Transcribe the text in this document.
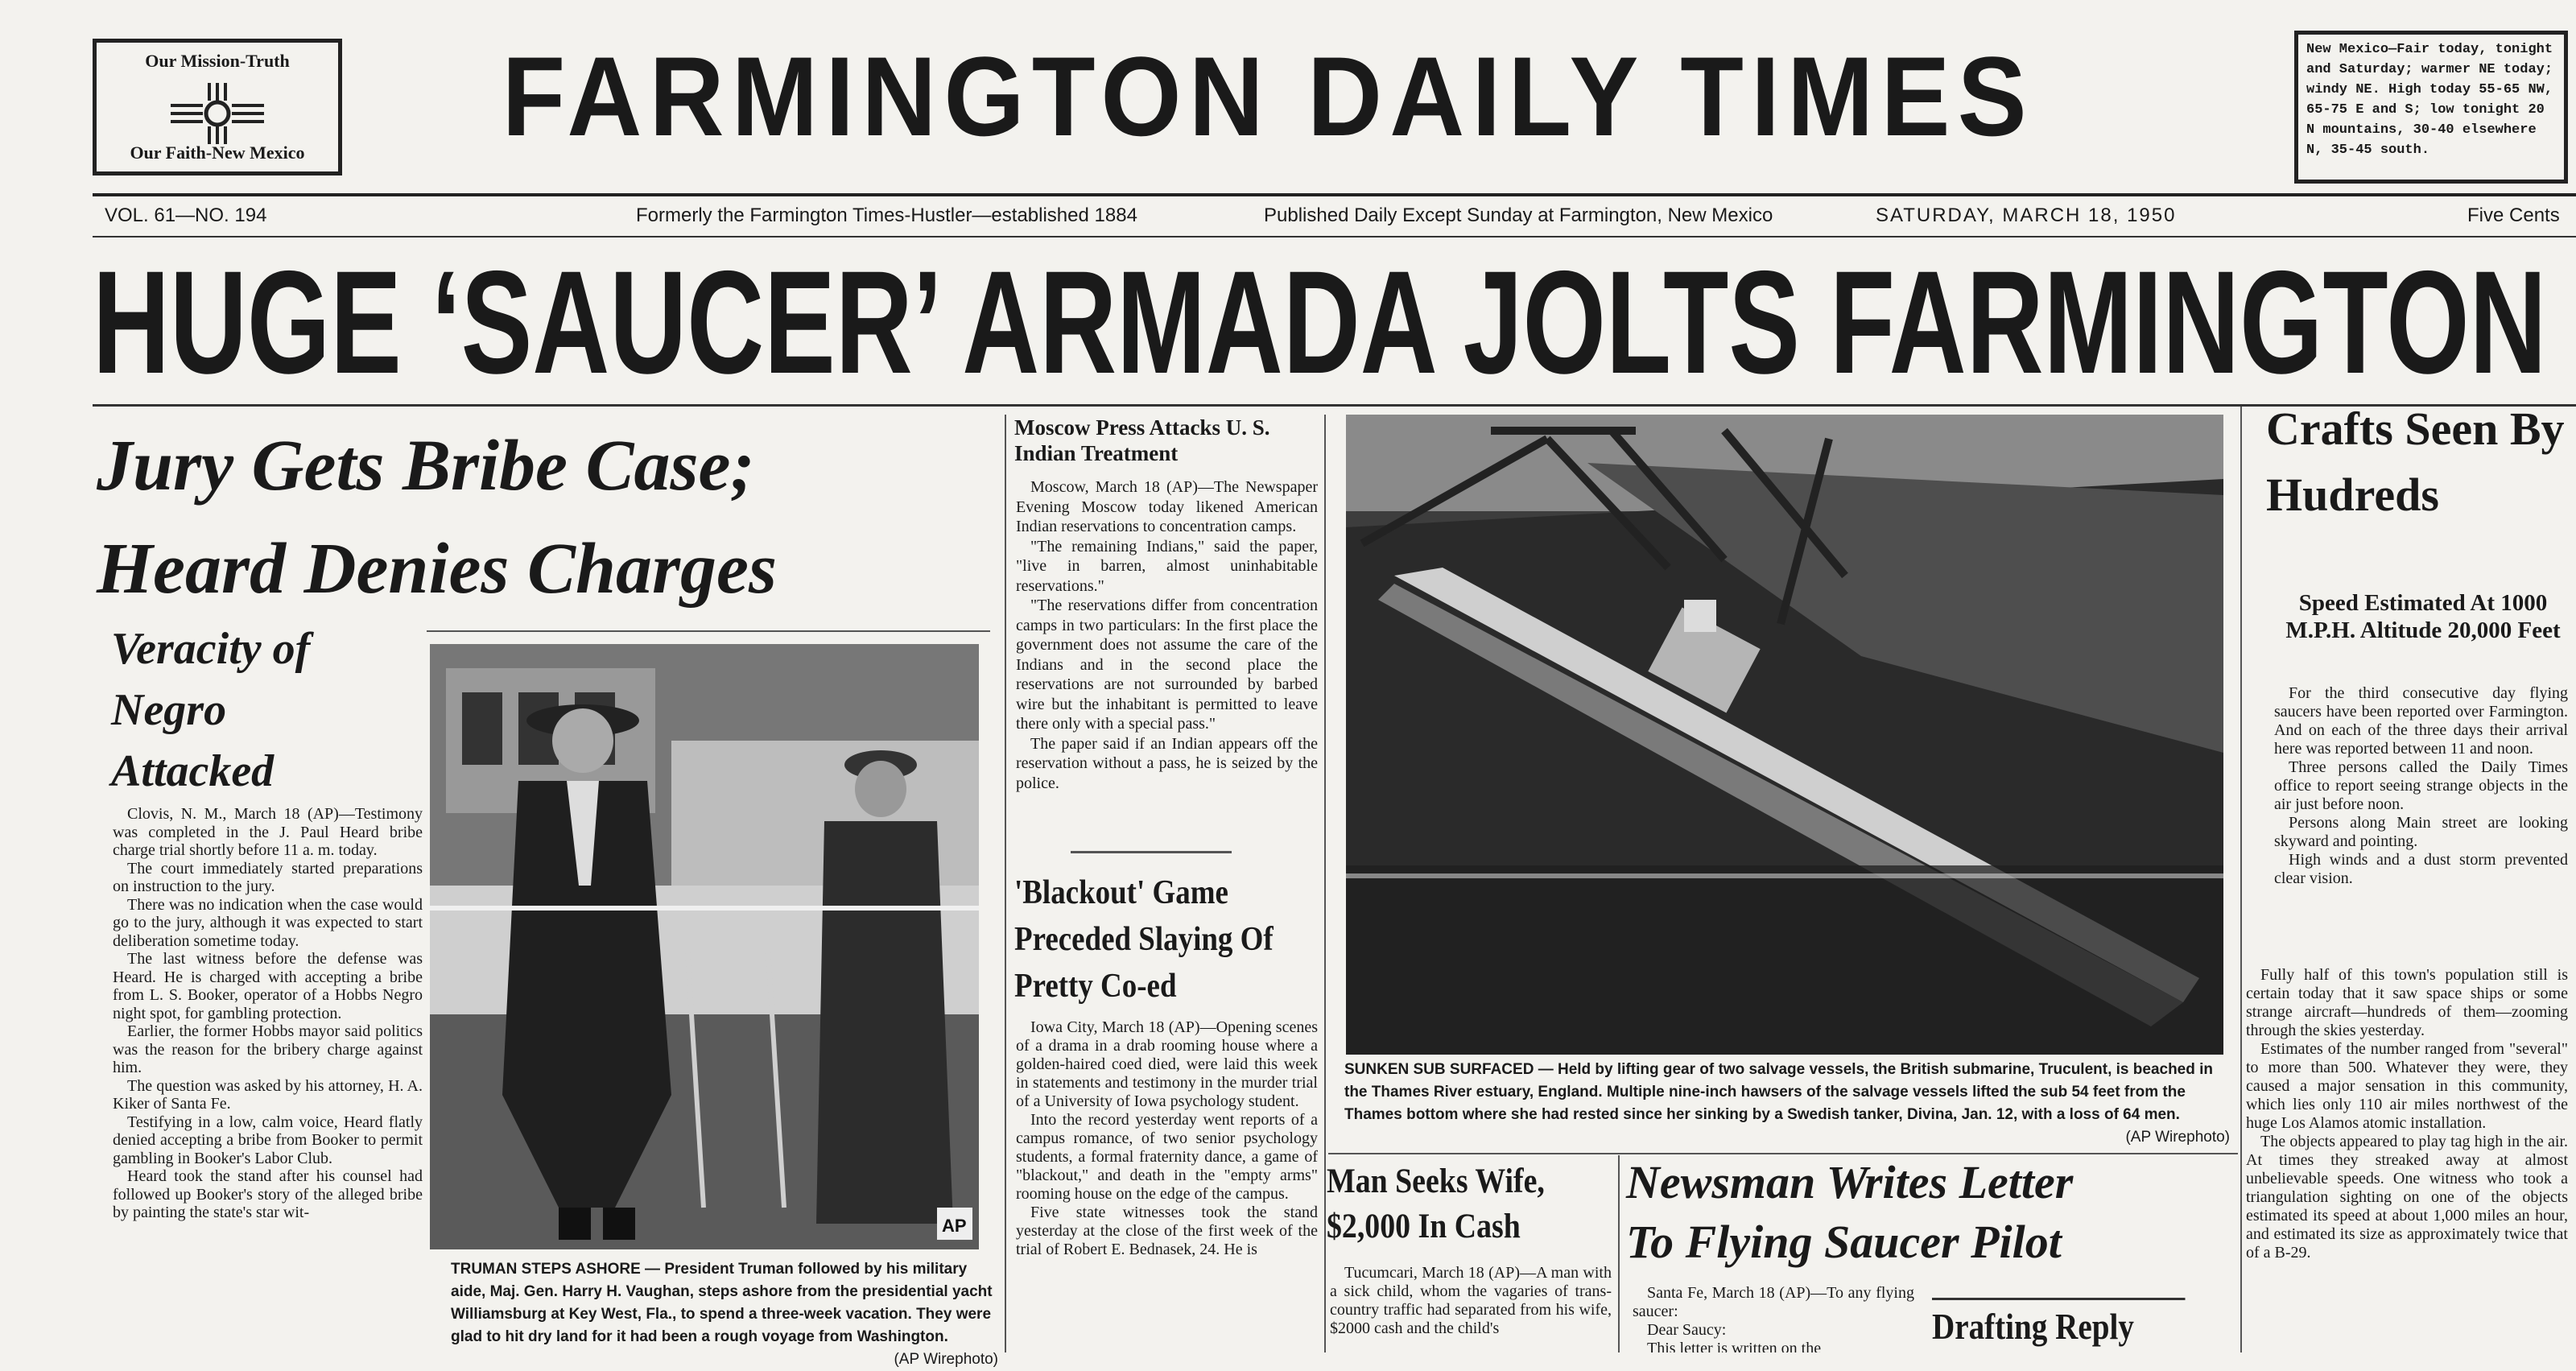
Our Mission-Truth
Our Faith-New Mexico FARMINGTON DAILY TIMES	New Mexico—Fair today, tonight and Saturday; warmer NE today; windy NE. High today 55-65 NW, 65-75 E and S; low tonight 20 N mountains, 30-40 elsewhere N, 35-45 south.
VOL. 61—NO. 194	Formerly the Farmington Times-Hustler—established 1884	Published Daily Except Sunday at Farmington, New Mexico	SATURDAY, MARCH 18, 1950	Five Cents
HUGE ‘SAUCER’ ARMADA JOLTS FARMINGTON
Jury Gets Bribe Case;
Heard Denies Charges
Veracity of Negro Attacked

Clovis, N. M., March 18 (AP)—Testimony was completed in the J. Paul Heard bribe charge trial shortly before 11 a. m. today.

The court immediately started preparations on instruction to the jury.

There was no indication when the case would go to the jury, although it was expected to start deliberation sometime today.

The last witness before the defense was Heard. He is charged with accepting a bribe from L. S. Booker, operator of a Hobbs Negro night spot, for gambling protection.

Earlier, the former Hobbs mayor said politics was the reason for the bribery charge against him.

The question was asked by his attorney, H. A. Kiker of Santa Fe.

Testifying in a low, calm voice, Heard flatly denied accepting a bribe from Booker to permit gambling in Booker's Labor Club.

Heard took the stand after his counsel had followed up Booker's story of the alleged bribe by painting the state's star wit-

AP
TRUMAN STEPS ASHORE — President Truman followed by his military aide, Maj. Gen. Harry H. Vaughan, steps ashore from the presidential yacht Williamsburg at Key West, Fla., to spend a three-week vacation. They were glad to hit dry land for it had been a rough voyage from Washington.
(AP Wirephoto)
Moscow Press Attacks U. S. Indian Treatment

Moscow, March 18 (AP)—The Newspaper Evening Moscow today likened American Indian reservations to concentration camps.

"The remaining Indians," said the paper, "live in barren, almost uninhabitable reservations."

"The reservations differ from concentration camps in two particulars: In the first place the government does not assume the care of the Indians and in the second place the reservations are not surrounded by barbed wire but the inhabitant is permitted to leave there only with a special pass."

The paper said if an Indian appears off the reservation without a pass, he is seized by the police.

'Blackout' Game Preceded Slaying Of Pretty Co-ed

Iowa City, March 18 (AP)—Opening scenes of a drama in a drab rooming house where a golden-haired coed died, were laid this week in statements and testimony in the murder trial of a University of Iowa psychology student.

Into the record yesterday went reports of a campus romance, of two senior psychology students, a formal fraternity dance, a game of "blackout," and death in the "empty arms" rooming house on the edge of the campus.

Five state witnesses took the stand yesterday at the close of the first week of the trial of Robert E. Bednasek, 24. He is

SUNKEN SUB SURFACED — Held by lifting gear of two salvage vessels, the British submarine, Truculent, is beached in the Thames River estuary, England. Multiple nine-inch hawsers of the salvage vessels lifted the sub 54 feet from the Thames bottom where she had rested since her sinking by a Swedish tanker, Divina, Jan. 12, with a loss of 64 men.
(AP Wirephoto)
Man Seeks Wife, $2,000 In Cash

Tucumcari, March 18 (AP)—A man with a sick child, whom the vagaries of trans-country traffic had separated from his wife, $2000 cash and the child's

Newsman Writes Letter
To Flying Saucer Pilot

Santa Fe, March 18 (AP)—To any flying saucer:

Dear Saucy:

This letter is written on the

Drafting Reply
Crafts Seen By Hudreds
Speed Estimated At 1000 M.P.H. Altitude 20,000 Feet

For the third consecutive day flying saucers have been reported over Farmington. And on each of the three days their arrival here was reported between 11 and noon.

Three persons called the Daily Times office to report seeing strange objects in the air just before noon.

Persons along Main street are looking skyward and pointing.

High winds and a dust storm prevented clear vision.

Fully half of this town's population still is certain today that it saw space ships or some strange aircraft—hundreds of them—zooming through the skies yesterday.

Estimates of the number ranged from "several" to more than 500. Whatever they were, they caused a major sensation in this community, which lies only 110 air miles northwest of the huge Los Alamos atomic installation.

The objects appeared to play tag high in the air. At times they streaked away at almost unbelievable speeds. One witness who took a triangulation sighting on one of the objects estimated its speed at about 1,000 miles an hour, and estimated its size as approximately twice that of a B-29.
